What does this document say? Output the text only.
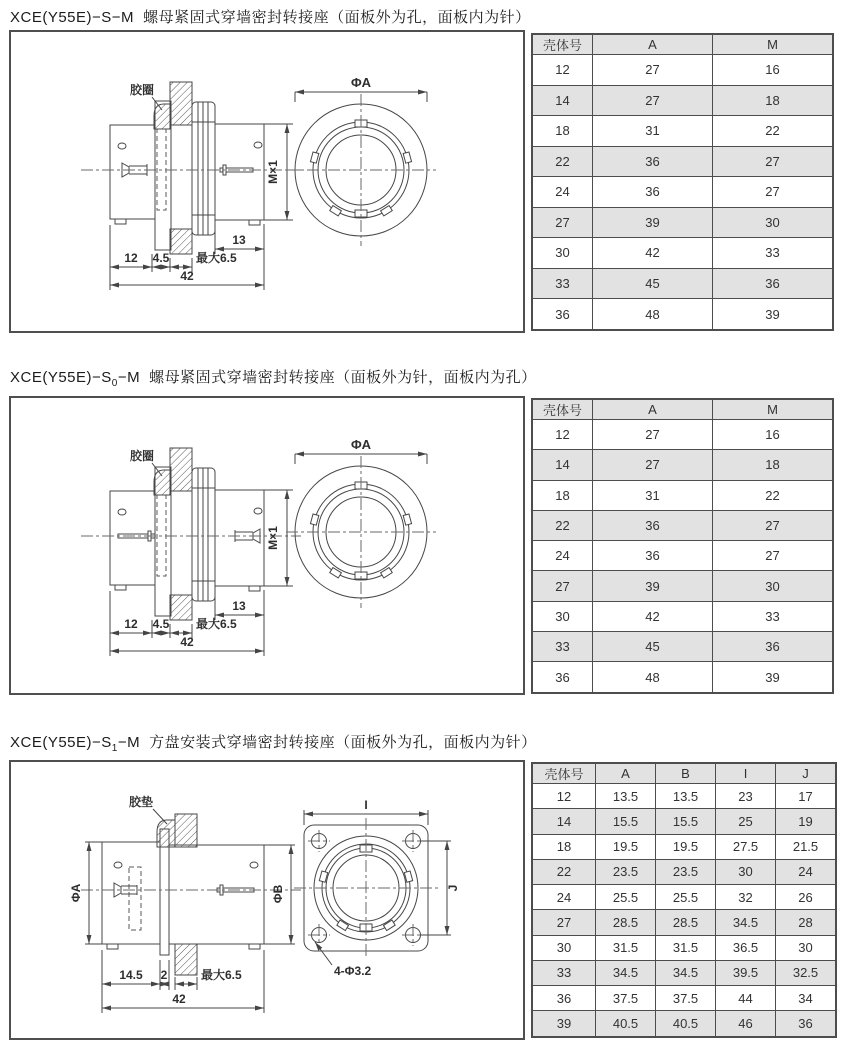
XCE(Y55E)−S−M 螺母紧固式穿墙密封转接座（面板外为孔，面板内为针）
胶圈
13
12 4.5 最大6.5
42
M×1
ΦA
壳体号	A	M
12	27	16
14	27	18
18	31	22
22	36	27
24	36	27
27	39	30
30	42	33
33	45	36
36	48	39
$XCE(Y55E)-S_0-M$ 螺母紧固式穿墙密封转接座（面板外为针，面板内为孔）
胶圈
13
12 4.5 最大6.5
42
M×1
ΦA
壳体号	A	M
12	27	16
14	27	18
18	31	22
22	36	27
24	36	27
27	39	30
30	42	33
33	45	36
36	48	39
$XCE(Y55E)-S_1-M$ 方盘安装式穿墙密封转接座（面板外为孔，面板内为针）
胶垫
ΦA	ΦB
14.5 2	最大6.5
42
I
J
4-Φ3.2
壳体号	A	B	I	J
12	13.5	13.5	23	17
14	15.5	15.5	25	19
18	19.5	19.5	27.5	21.5
22	23.5	23.5	30	24
24	25.5	25.5	32	26
27	28.5	28.5	34.5	28
30	31.5	31.5	36.5	30
33	34.5	34.5	39.5	32.5
36	37.5	37.5	44	34
39	40.5	40.5	46	36
